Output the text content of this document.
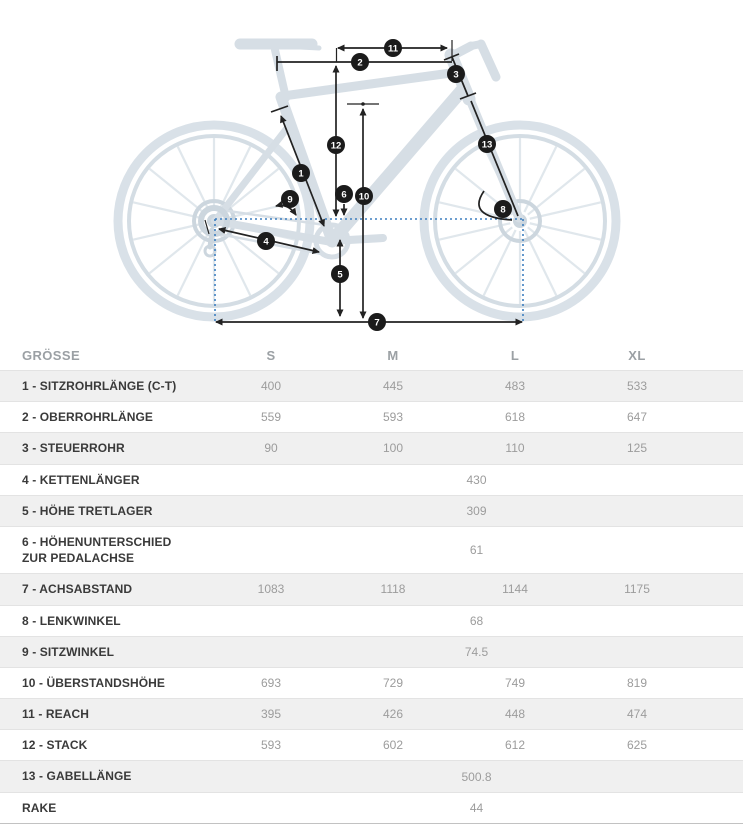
1
2
3
4
5
6
7
8
9	10
11
12	13
GRÖSSE	S	M	L	XL	
1 - SITZROHRLÄNGE (C-T)	400	445	483	533	
2 - OBERROHRLÄNGE	559	593	618	647	
3 - STEUERROHR	90	100	110	125	
4 - KETTENLÄNGER	430				
5 - HÖHE TRETLAGER	309				
6 - HÖHENUNTERSCHIED ZUR PEDALACHSE	61				
7 - ACHSABSTAND	1083	1118	1144	1175	
8 - LENKWINKEL	68				
9 - SITZWINKEL	74.5				
10 - ÜBERSTANDSHÖHE	693	729	749	819	
11 - REACH	395	426	448	474	
12 - STACK	593	602	612	625	
13 - GABELLÄNGE	500.8				
RAKE	44				
